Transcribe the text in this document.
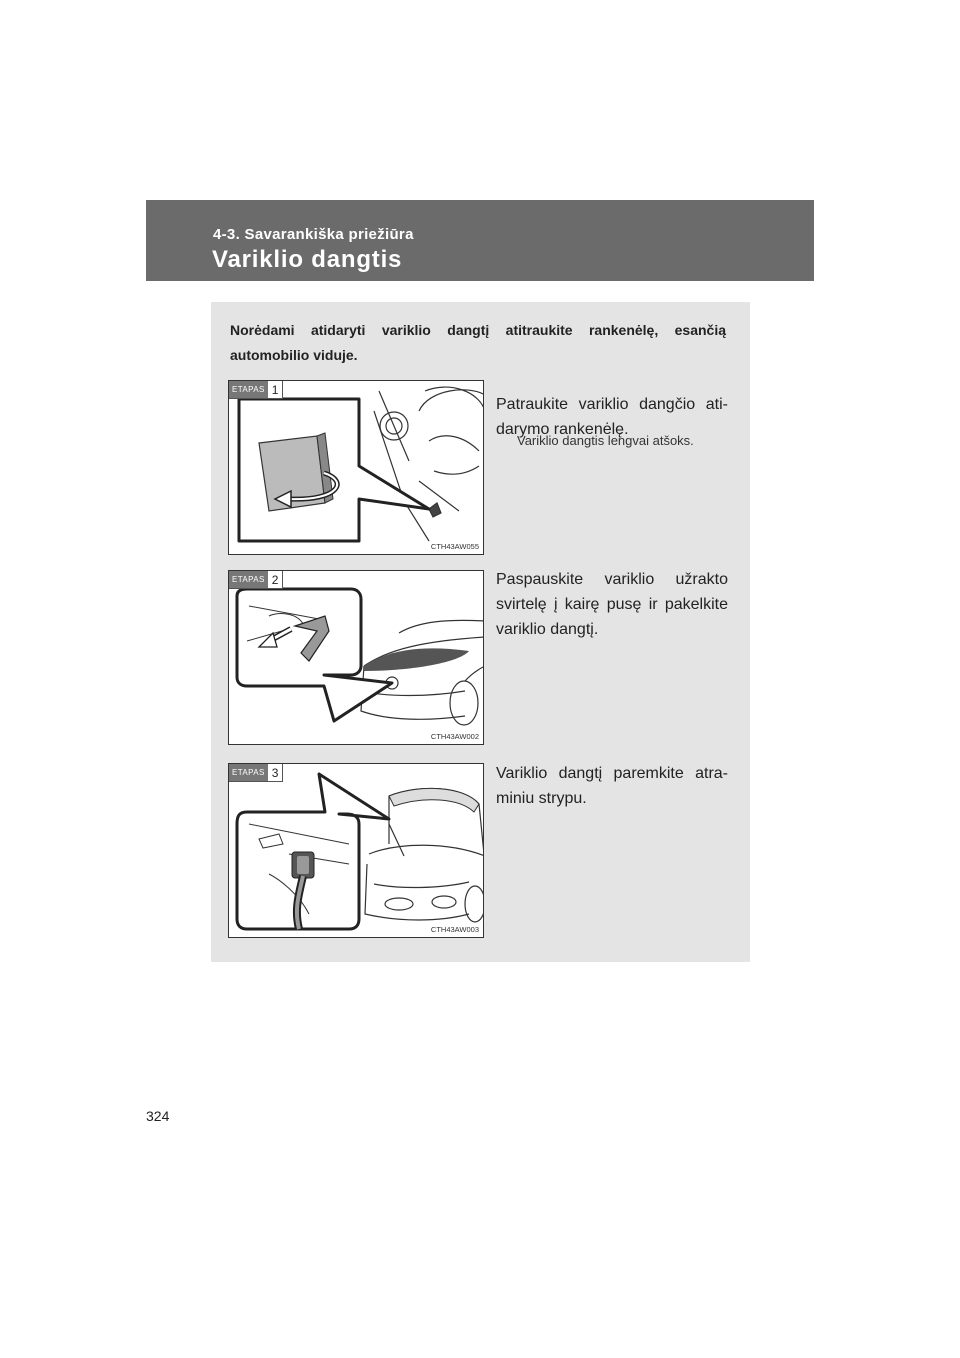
4-3. Savarankiška priežiūra
Variklio dangtis
Norėdami atidaryti variklio dangtį atitraukite rankenėlę, esančią automobilio viduje.
ETAPAS 1
CTH43AW055
Patraukite variklio dangčio ati-darymo rankenėlę.
Variklio dangtis lengvai atšoks.
ETAPAS 2
CTH43AW002
Paspauskite variklio užrakto svirtelę į kairę pusę ir pakelkite variklio dangtį.
ETAPAS 3
CTH43AW003
Variklio dangtį paremkite atra-miniu strypu.
324
